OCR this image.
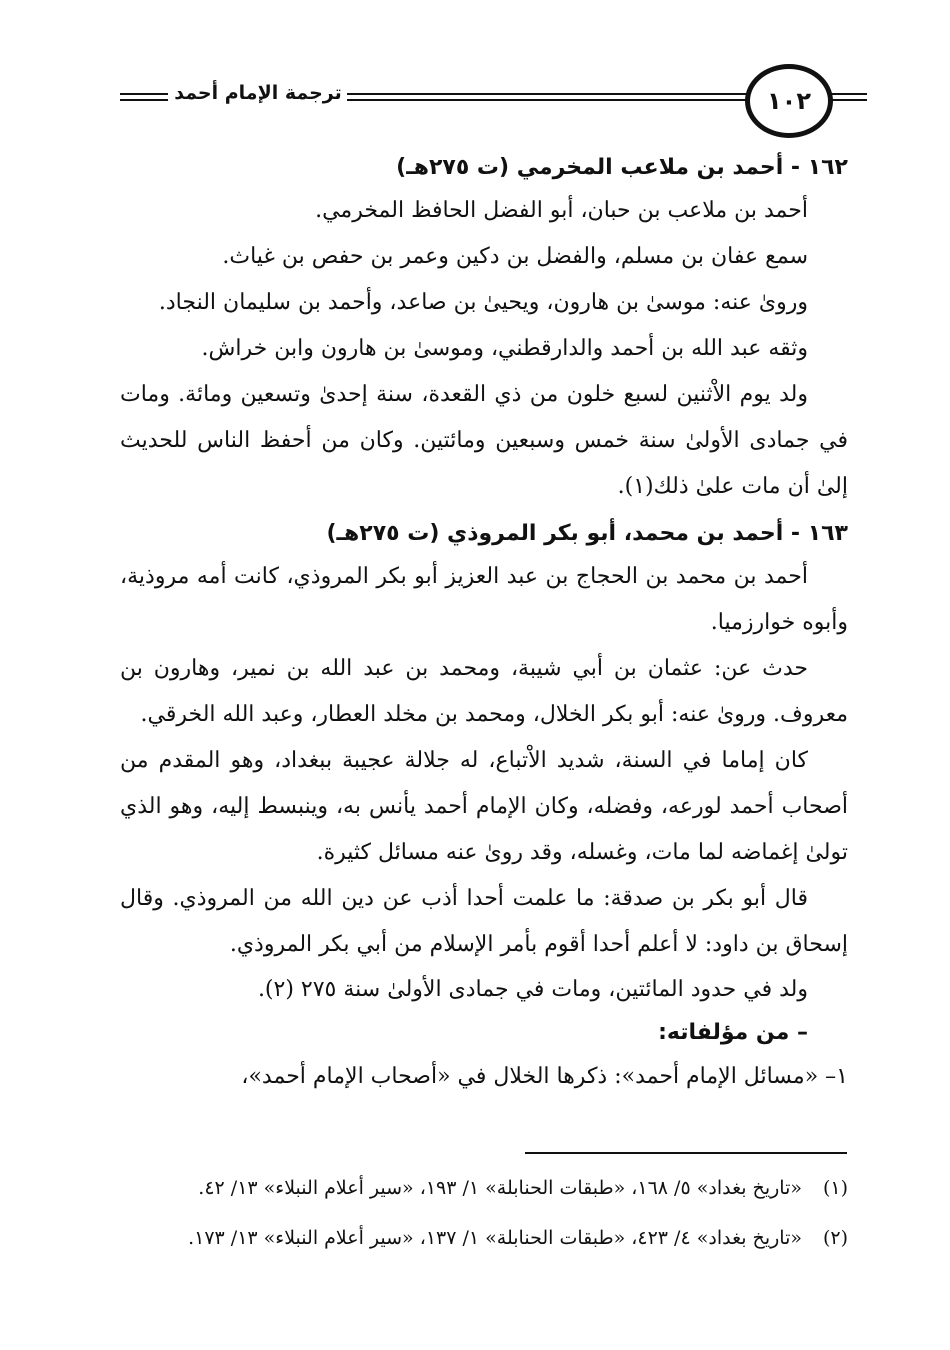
ترجمة الإمام أحمد	١٠٢

١٦٢ - أحمد بن ملاعب المخرمي (ت ٢٧٥هـ)

أحمد بن ملاعب بن حبان، أبو الفضل الحافظ المخرمي.

سمع عفان بن مسلم، والفضل بن دكين وعمر بن حفص بن غياث.

وروىٰ عنه: موسىٰ بن هارون، ويحيىٰ بن صاعد، وأحمد بن سليمان النجاد.

وثقه عبد الله بن أحمد والدارقطني، وموسىٰ بن هارون وابن خراش.

ولد يوم الاْثنين لسبع خلون من ذي القعدة، سنة إحدىٰ وتسعين ومائة. ومات في جمادى الأولىٰ سنة خمس وسبعين ومائتين. وكان من أحفظ الناس للحديث إلىٰ أن مات علىٰ ذلك(١).

١٦٣ - أحمد بن محمد، أبو بكر المروذي (ت ٢٧٥هـ)

أحمد بن محمد بن الحجاج بن عبد العزيز أبو بكر المروذي، كانت أمه مروذية، وأبوه خوارزميا.

حدث عن: عثمان بن أبي شيبة، ومحمد بن عبد الله بن نمير، وهارون بن معروف. وروىٰ عنه: أبو بكر الخلال، ومحمد بن مخلد العطار، وعبد الله الخرقي.

كان إماما في السنة، شديد الاْتباع، له جلالة عجيبة ببغداد، وهو المقدم من أصحاب أحمد لورعه، وفضله، وكان الإمام أحمد يأنس به، وينبسط إليه، وهو الذي تولىٰ إغماضه لما مات، وغسله، وقد روىٰ عنه مسائل كثيرة.

قال أبو بكر بن صدقة: ما علمت أحدا أذب عن دين الله من المروذي. وقال إسحاق بن داود: لا أعلم أحدا أقوم بأمر الإسلام من أبي بكر المروذي.

ولد في حدود المائتين، ومات في جمادى الأولىٰ سنة ٢٧٥ (٢).

– من مؤلفاته:

١– «مسائل الإمام أحمد»: ذكرها الخلال في «أصحاب الإمام أحمد»،

(١)«تاريخ بغداد» ٥/ ١٦٨، «طبقات الحنابلة» ١/ ١٩٣، «سير أعلام النبلاء» ١٣/ ٤٢.
(٢)«تاريخ بغداد» ٤/ ٤٢٣، «طبقات الحنابلة» ١/ ١٣٧، «سير أعلام النبلاء» ١٣/ ١٧٣.
